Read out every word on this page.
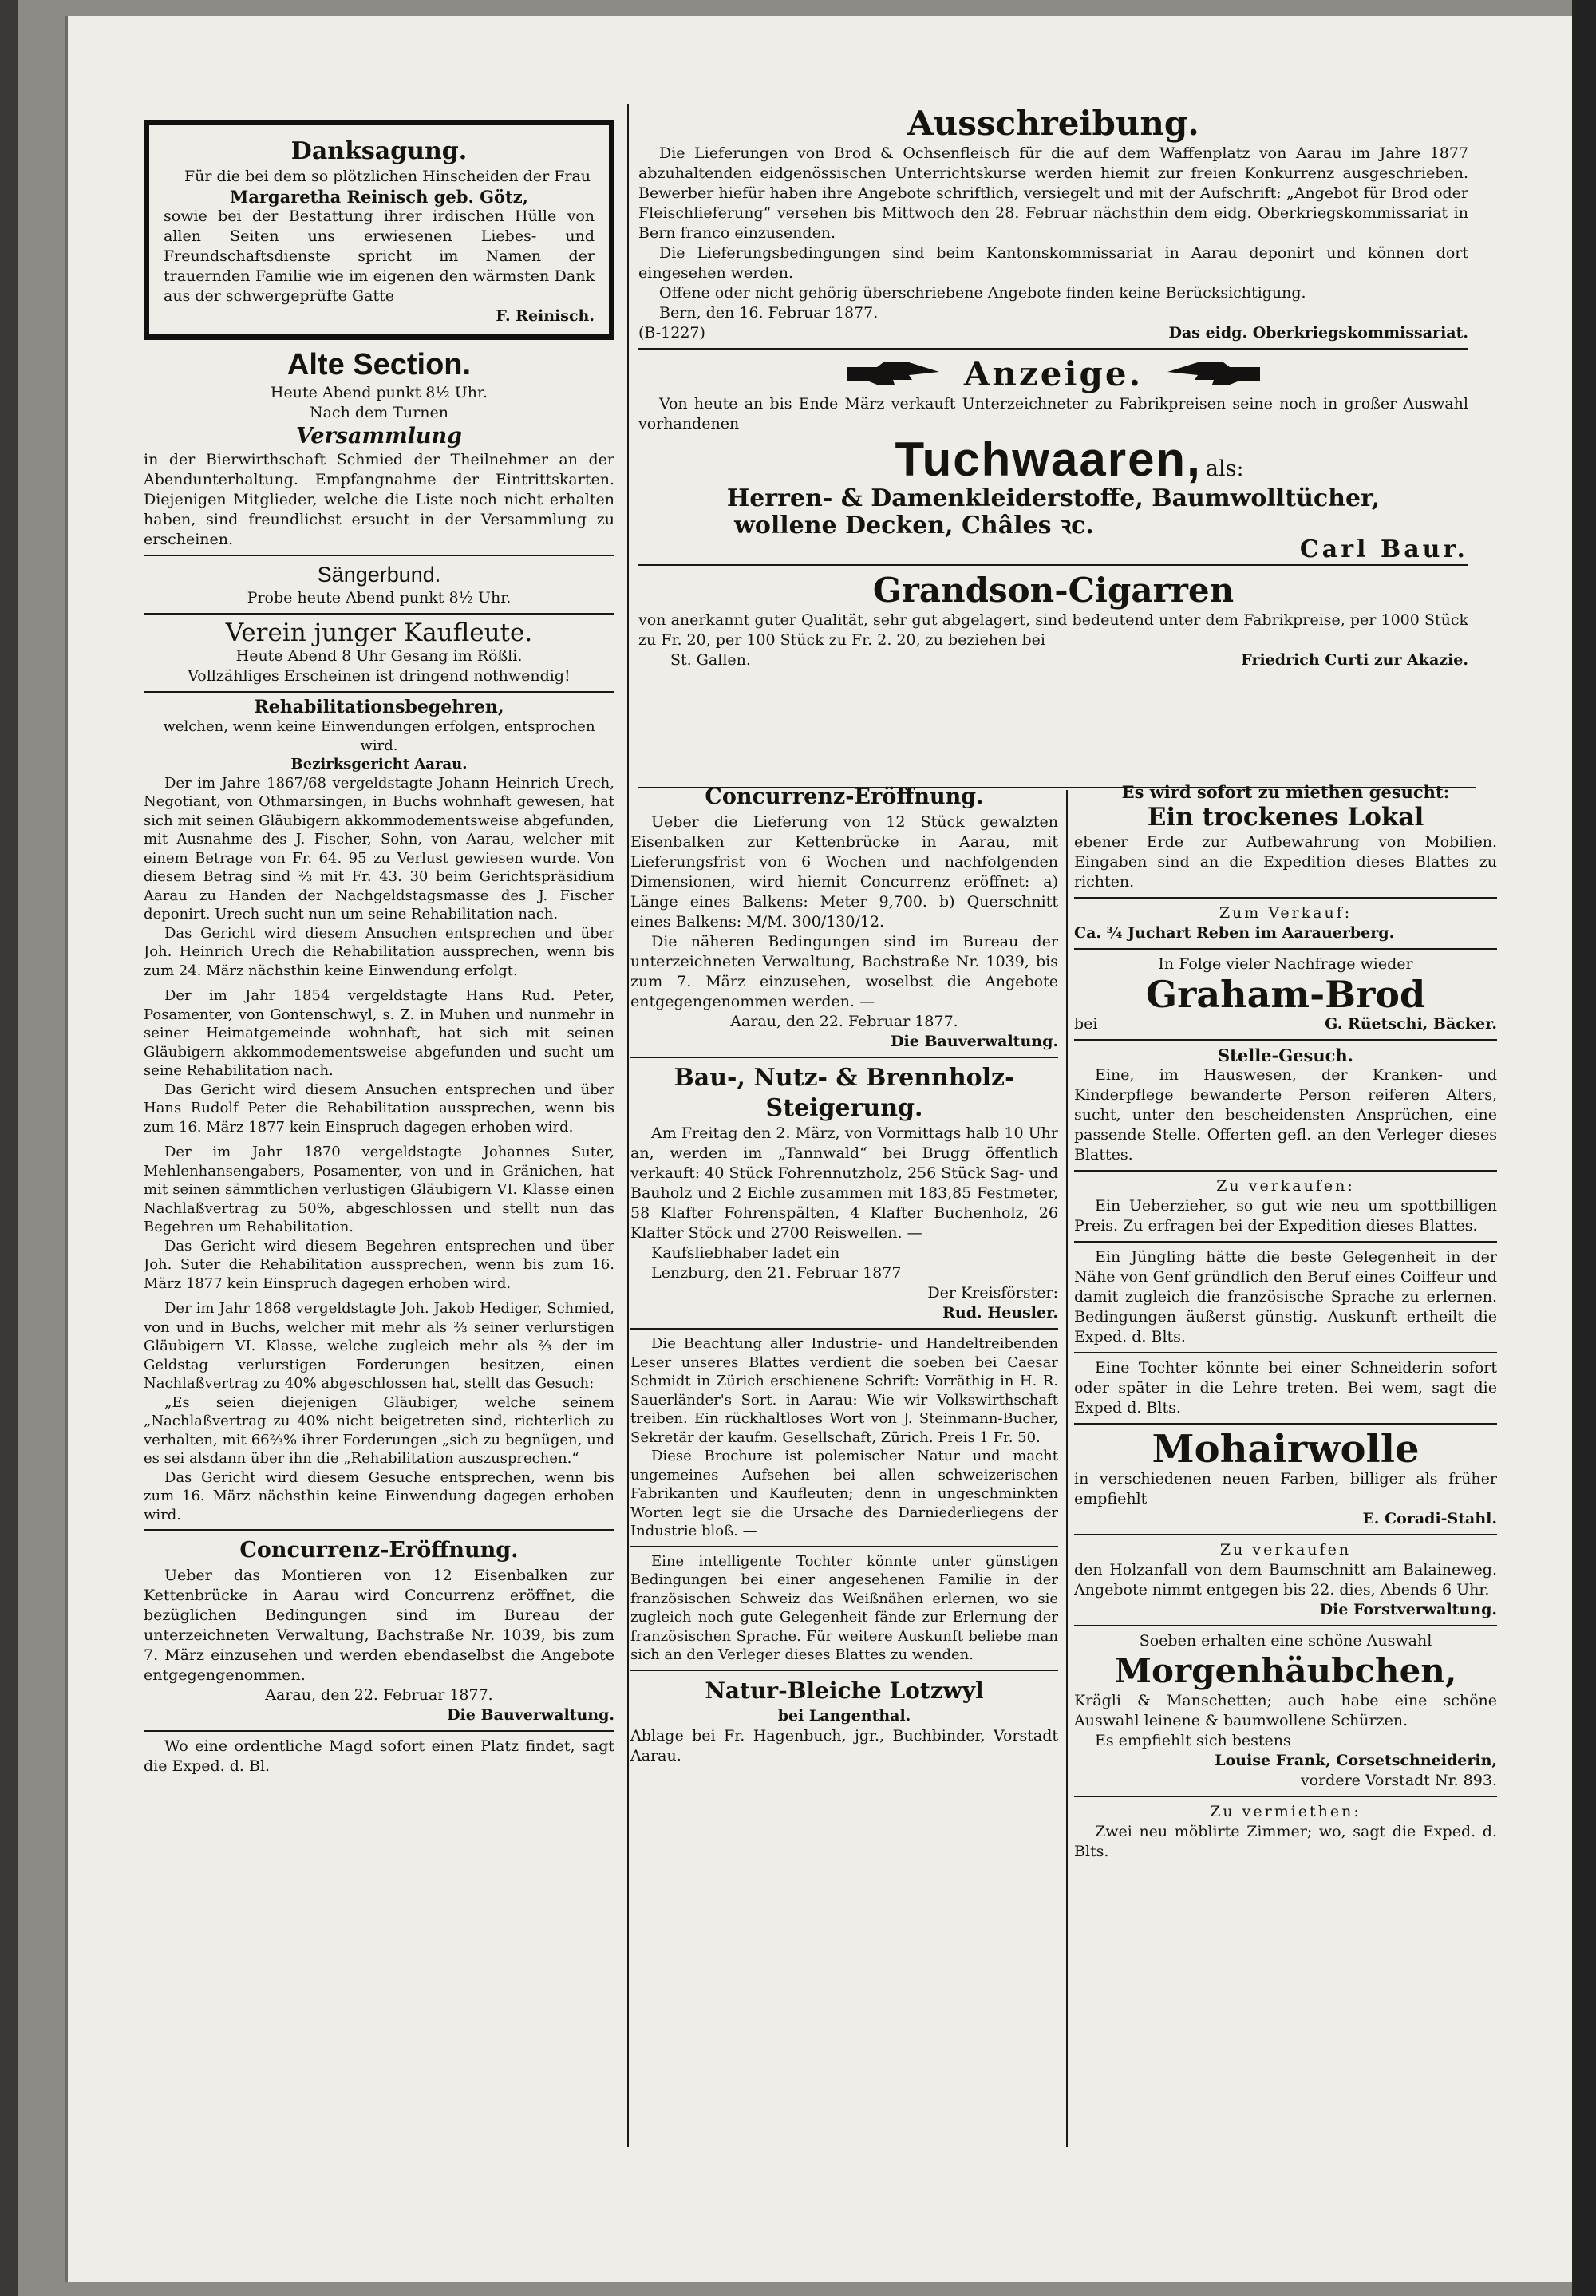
Danksagung.

Für die bei dem so plötzlichen Hinscheiden der Frau

Margaretha Reinisch geb. Götz,

sowie bei der Bestattung ihrer irdischen Hülle von allen Seiten uns erwiesenen Liebes- und Freundschaftsdienste spricht im Namen der trauernden Familie wie im eigenen den wärmsten Dank aus der schwergeprüfte Gatte

F. Reinisch.

Alte Section.

Heute Abend punkt 8½ Uhr.

Nach dem Turnen

Versammlung

in der Bierwirthschaft Schmied der Theilnehmer an der Abendunterhaltung. Empfangnahme der Eintrittskarten. Diejenigen Mitglieder, welche die Liste noch nicht erhalten haben, sind freundlichst ersucht in der Versammlung zu erscheinen.

Sängerbund.

Probe heute Abend punkt 8½ Uhr.

Verein junger Kaufleute.

Heute Abend 8 Uhr Gesang im Rößli.

Vollzähliges Erscheinen ist dringend nothwendig!

Rehabilitationsbegehren,

welchen, wenn keine Einwendungen erfolgen, entsprochen wird.

Bezirksgericht Aarau.

Der im Jahre 1867/68 vergeldstagte Johann Heinrich Urech, Negotiant, von Othmarsingen, in Buchs wohnhaft gewesen, hat sich mit seinen Gläubigern akkommodementsweise abgefunden, mit Ausnahme des J. Fischer, Sohn, von Aarau, welcher mit einem Betrage von Fr. 64. 95 zu Verlust gewiesen wurde. Von diesem Betrag sind ⅔ mit Fr. 43. 30 beim Gerichtspräsidium Aarau zu Handen der Nachgeldstagsmasse des J. Fischer deponirt. Urech sucht nun um seine Rehabilitation nach.

Das Gericht wird diesem Ansuchen entsprechen und über Joh. Heinrich Urech die Rehabilitation aussprechen, wenn bis zum 24. März nächsthin keine Einwendung erfolgt.

Der im Jahr 1854 vergeldstagte Hans Rud. Peter, Posamenter, von Gontenschwyl, s. Z. in Muhen und nunmehr in seiner Heimatgemeinde wohnhaft, hat sich mit seinen Gläubigern akkommodementsweise abgefunden und sucht um seine Rehabilitation nach.

Das Gericht wird diesem Ansuchen entsprechen und über Hans Rudolf Peter die Rehabilitation aussprechen, wenn bis zum 16. März 1877 kein Einspruch dagegen erhoben wird.

Der im Jahr 1870 vergeldstagte Johannes Suter, Mehlenhansengabers, Posamenter, von und in Gränichen, hat mit seinen sämmtlichen verlustigen Gläubigern VI. Klasse einen Nachlaßvertrag zu 50%, abgeschlossen und stellt nun das Begehren um Rehabilitation.

Das Gericht wird diesem Begehren entsprechen und über Joh. Suter die Rehabilitation aussprechen, wenn bis zum 16. März 1877 kein Einspruch dagegen erhoben wird.

Der im Jahr 1868 vergeldstagte Joh. Jakob Hediger, Schmied, von und in Buchs, welcher mit mehr als ⅔ seiner verlurstigen Gläubigern VI. Klasse, welche zugleich mehr als ⅔ der im Geldstag verlurstigen Forderungen besitzen, einen Nachlaßvertrag zu 40% abgeschlossen hat, stellt das Gesuch:

„Es seien diejenigen Gläubiger, welche seinem „Nachlaßvertrag zu 40% nicht beigetreten sind, richterlich zu verhalten, mit 66⅔% ihrer Forderungen „sich zu begnügen, und es sei alsdann über ihn die „Rehabilitation auszusprechen.“

Das Gericht wird diesem Gesuche entsprechen, wenn bis zum 16. März nächsthin keine Einwendung dagegen erhoben wird.

Concurrenz-Eröffnung.

Ueber das Montieren von 12 Eisenbalken zur Kettenbrücke in Aarau wird Concurrenz eröffnet, die bezüglichen Bedingungen sind im Bureau der unterzeichneten Verwaltung, Bachstraße Nr. 1039, bis zum 7. März einzusehen und werden ebendaselbst die Angebote entgegengenommen.

Aarau, den 22. Februar 1877.

Die Bauverwaltung.

Wo eine ordentliche Magd sofort einen Platz findet, sagt die Exped. d. Bl.

Ausschreibung.

Die Lieferungen von Brod & Ochsenfleisch für die auf dem Waffenplatz von Aarau im Jahre 1877 abzuhaltenden eidgenössischen Unterrichtskurse werden hiemit zur freien Konkurrenz ausgeschrieben. Bewerber hiefür haben ihre Angebote schriftlich, versiegelt und mit der Aufschrift: „Angebot für Brod oder Fleischlieferung“ versehen bis Mittwoch den 28. Februar nächsthin dem eidg. Oberkriegskommissariat in Bern franco einzusenden.

Die Lieferungsbedingungen sind beim Kantonskommissariat in Aarau deponirt und können dort eingesehen werden.

Offene oder nicht gehörig überschriebene Angebote finden keine Berücksichtigung.

Bern, den 16. Februar 1877.

(B-1227)	Das eidg. Oberkriegskommissariat.
Anzeige.

Von heute an bis Ende März verkauft Unterzeichneter zu Fabrikpreisen seine noch in großer Auswahl vorhandenen

Tuchwaaren, als:

Herren- & Damenkleiderstoffe, Baumwolltücher,

wollene Decken, Châles ꝛc.

Carl Baur.

Grandson-Cigarren

von anerkannt guter Qualität, sehr gut abgelagert, sind bedeutend unter dem Fabrikpreise, per 1000 Stück zu Fr. 20, per 100 Stück zu Fr. 2. 20, zu beziehen bei

St. Gallen.	Friedrich Curti zur Akazie.

Concurrenz-Eröffnung.

Ueber die Lieferung von 12 Stück gewalzten Eisenbalken zur Kettenbrücke in Aarau, mit Lieferungsfrist von 6 Wochen und nachfolgenden Dimensionen, wird hiemit Concurrenz eröffnet: a) Länge eines Balkens: Meter 9,700. b) Querschnitt eines Balkens: M/M. 300/130/12.

Die näheren Bedingungen sind im Bureau der unterzeichneten Verwaltung, Bachstraße Nr. 1039, bis zum 7. März einzusehen, woselbst die Angebote entgegengenommen werden. —

Aarau, den 22. Februar 1877.

Die Bauverwaltung.

Bau-, Nutz- & Brennholz-

Steigerung.

Am Freitag den 2. März, von Vormittags halb 10 Uhr an, werden im „Tannwald“ bei Brugg öffentlich verkauft: 40 Stück Fohrennutzholz, 256 Stück Sag- und Bauholz und 2 Eichle zusammen mit 183,85 Festmeter, 58 Klafter Fohrenspälten, 4 Klafter Buchenholz, 26 Klafter Stöck und 2700 Reiswellen. —

Kaufsliebhaber ladet ein

Lenzburg, den 21. Februar 1877

Der Kreisförster:

Rud. Heusler.

Die Beachtung aller Industrie- und Handeltreibenden Leser unseres Blattes verdient die soeben bei Caesar Schmidt in Zürich erschienene Schrift: Vorräthig in H. R. Sauerländer's Sort. in Aarau: Wie wir Volkswirthschaft treiben. Ein rückhaltloses Wort von J. Steinmann-Bucher, Sekretär der kaufm. Gesellschaft, Zürich. Preis 1 Fr. 50.

Diese Brochure ist polemischer Natur und macht ungemeines Aufsehen bei allen schweizerischen Fabrikanten und Kaufleuten; denn in ungeschminkten Worten legt sie die Ursache des Darniederliegens der Industrie bloß. —

Eine intelligente Tochter könnte unter günstigen Bedingungen bei einer angesehenen Familie in der französischen Schweiz das Weißnähen erlernen, wo sie zugleich noch gute Gelegenheit fände zur Erlernung der französischen Sprache. Für weitere Auskunft beliebe man sich an den Verleger dieses Blattes zu wenden.

Natur-Bleiche Lotzwyl

bei Langenthal.

Ablage bei Fr. Hagenbuch, jgr., Buchbinder, Vorstadt Aarau.

Es wird sofort zu miethen gesucht:

Ein trockenes Lokal

ebener Erde zur Aufbewahrung von Mobilien. Eingaben sind an die Expedition dieses Blattes zu richten.

Zum Verkauf:

Ca. ¾ Juchart Reben im Aarauerberg.

In Folge vieler Nachfrage wieder

Graham-Brod

bei	G. Rüetschi, Bäcker.

Stelle-Gesuch.

Eine, im Hauswesen, der Kranken- und Kinderpflege bewanderte Person reiferen Alters, sucht, unter den bescheidensten Ansprüchen, eine passende Stelle. Offerten gefl. an den Verleger dieses Blattes.

Zu verkaufen:

Ein Ueberzieher, so gut wie neu um spottbilligen Preis. Zu erfragen bei der Expedition dieses Blattes.

Ein Jüngling hätte die beste Gelegenheit in der Nähe von Genf gründlich den Beruf eines Coiffeur und damit zugleich die französische Sprache zu erlernen. Bedingungen äußerst günstig. Auskunft ertheilt die Exped. d. Blts.

Eine Tochter könnte bei einer Schneiderin sofort oder später in die Lehre treten. Bei wem, sagt die Exped d. Blts.

Mohairwolle

in verschiedenen neuen Farben, billiger als früher empfiehlt

E. Coradi-Stahl.

Zu verkaufen

den Holzanfall von dem Baumschnitt am Balaineweg. Angebote nimmt entgegen bis 22. dies, Abends 6 Uhr.

Die Forstverwaltung.

Soeben erhalten eine schöne Auswahl

Morgenhäubchen,

Krägli & Manschetten; auch habe eine schöne Auswahl leinene & baumwollene Schürzen.

Es empfiehlt sich bestens

Louise Frank, Corsetschneiderin,

vordere Vorstadt Nr. 893.

Zu vermiethen:

Zwei neu möblirte Zimmer; wo, sagt die Exped. d. Blts.
